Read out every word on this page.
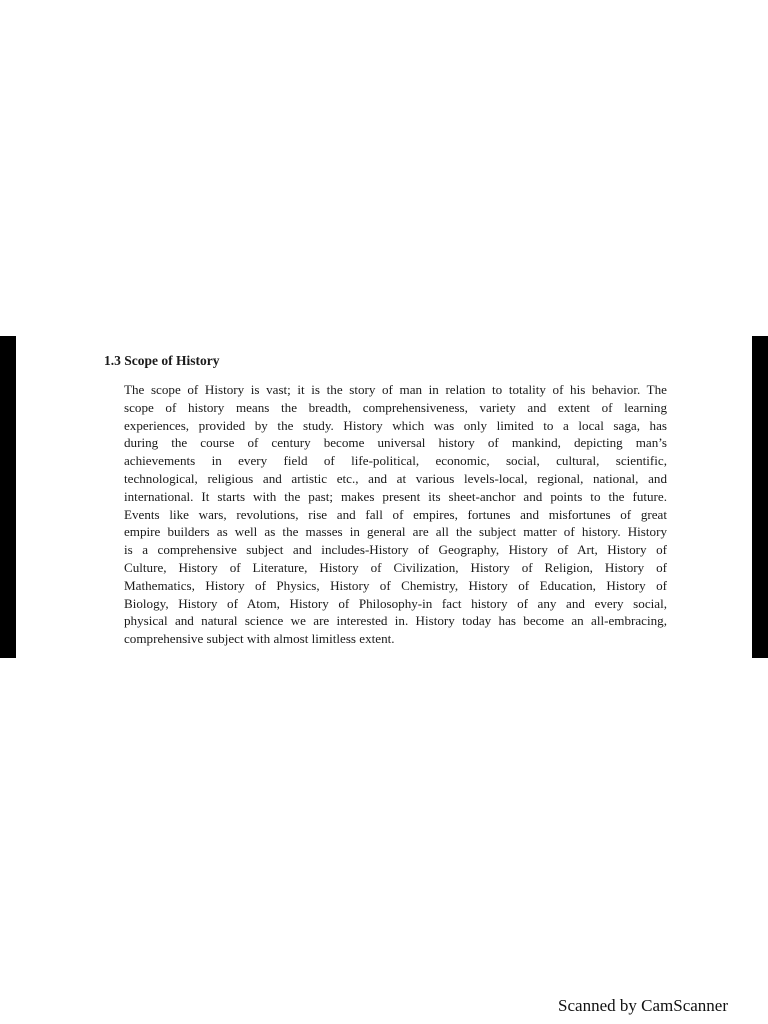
1.3 Scope of History
The scope of History is vast; it is the story of man in relation to totality of his behavior. The
scope of history means the breadth, comprehensiveness, variety and extent of learning
experiences, provided by the study. History which was only limited to a local saga, has
during the course of century become universal history of mankind, depicting man’s
achievements in every field of life-political, economic, social, cultural, scientific,
technological, religious and artistic etc., and at various levels-local, regional, national, and
international. It starts with the past; makes present its sheet-anchor and points to the future.
Events like wars, revolutions, rise and fall of empires, fortunes and misfortunes of great
empire builders as well as the masses in general are all the subject matter of history. History
is a comprehensive subject and includes-History of Geography, History of Art, History of
Culture, History of Literature, History of Civilization, History of Religion, History of
Mathematics, History of Physics, History of Chemistry, History of Education, History of
Biology, History of Atom, History of Philosophy-in fact history of any and every social,
physical and natural science we are interested in. History today has become an all-embracing,
comprehensive subject with almost limitless extent.
Scanned by CamScanner
